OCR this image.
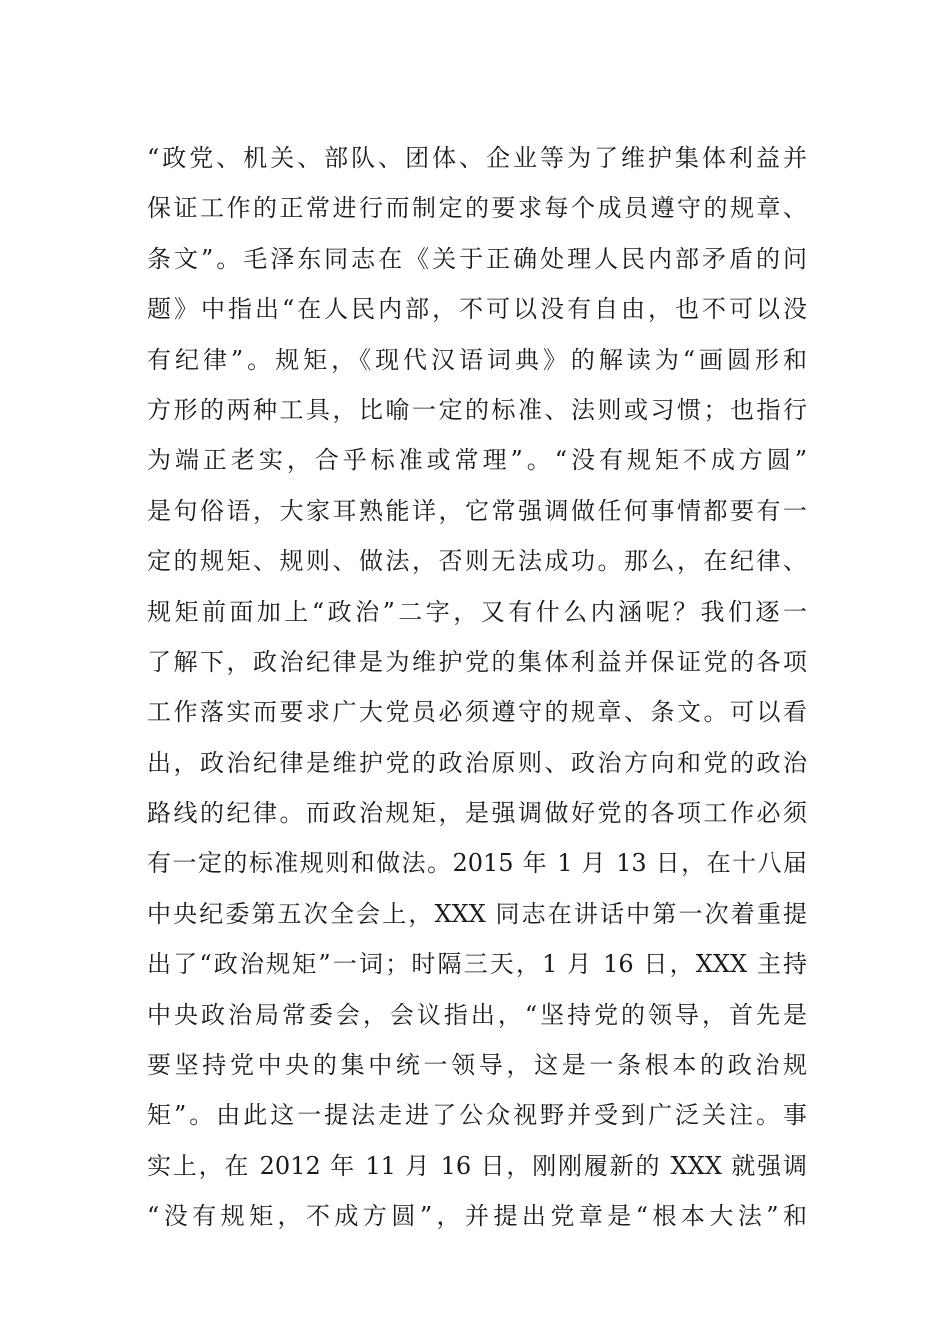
“政党、机关、部队、团体、企业等为了维护集体利益并
保证工作的正常进行而制定的要求每个成员遵守的规章、
条文”。毛泽东同志在《关于正确处理人民内部矛盾的问
题》中指出“在人民内部，不可以没有自由，也不可以没
有纪律”。规矩，《现代汉语词典》的解读为“画圆形和
方形的两种工具，比喻一定的标准、法则或习惯；也指行
为端正老实，合乎标准或常理”。“没有规矩不成方圆”
是句俗语，大家耳熟能详，它常强调做任何事情都要有一
定的规矩、规则、做法，否则无法成功。那么，在纪律、
规矩前面加上“政治”二字，又有什么内涵呢？我们逐一
了解下，政治纪律是为维护党的集体利益并保证党的各项
工作落实而要求广大党员必须遵守的规章、条文。可以看
出，政治纪律是维护党的政治原则、政治方向和党的政治
路线的纪律。而政治规矩，是强调做好党的各项工作必须
有一定的标准规则和做法。2015 年 1 月 13 日，在十八届
中央纪委第五次全会上，XXX 同志在讲话中第一次着重提
出了“政治规矩”一词；时隔三天，1 月 16 日，XXX 主持
中央政治局常委会，会议指出，“坚持党的领导，首先是
要坚持党中央的集中统一领导，这是一条根本的政治规
矩”。由此这一提法走进了公众视野并受到广泛关注。事
实上，在 2012 年 11 月 16 日，刚刚履新的 XXX 就强调
“没有规矩，不成方圆”，并提出党章是“根本大法”和
